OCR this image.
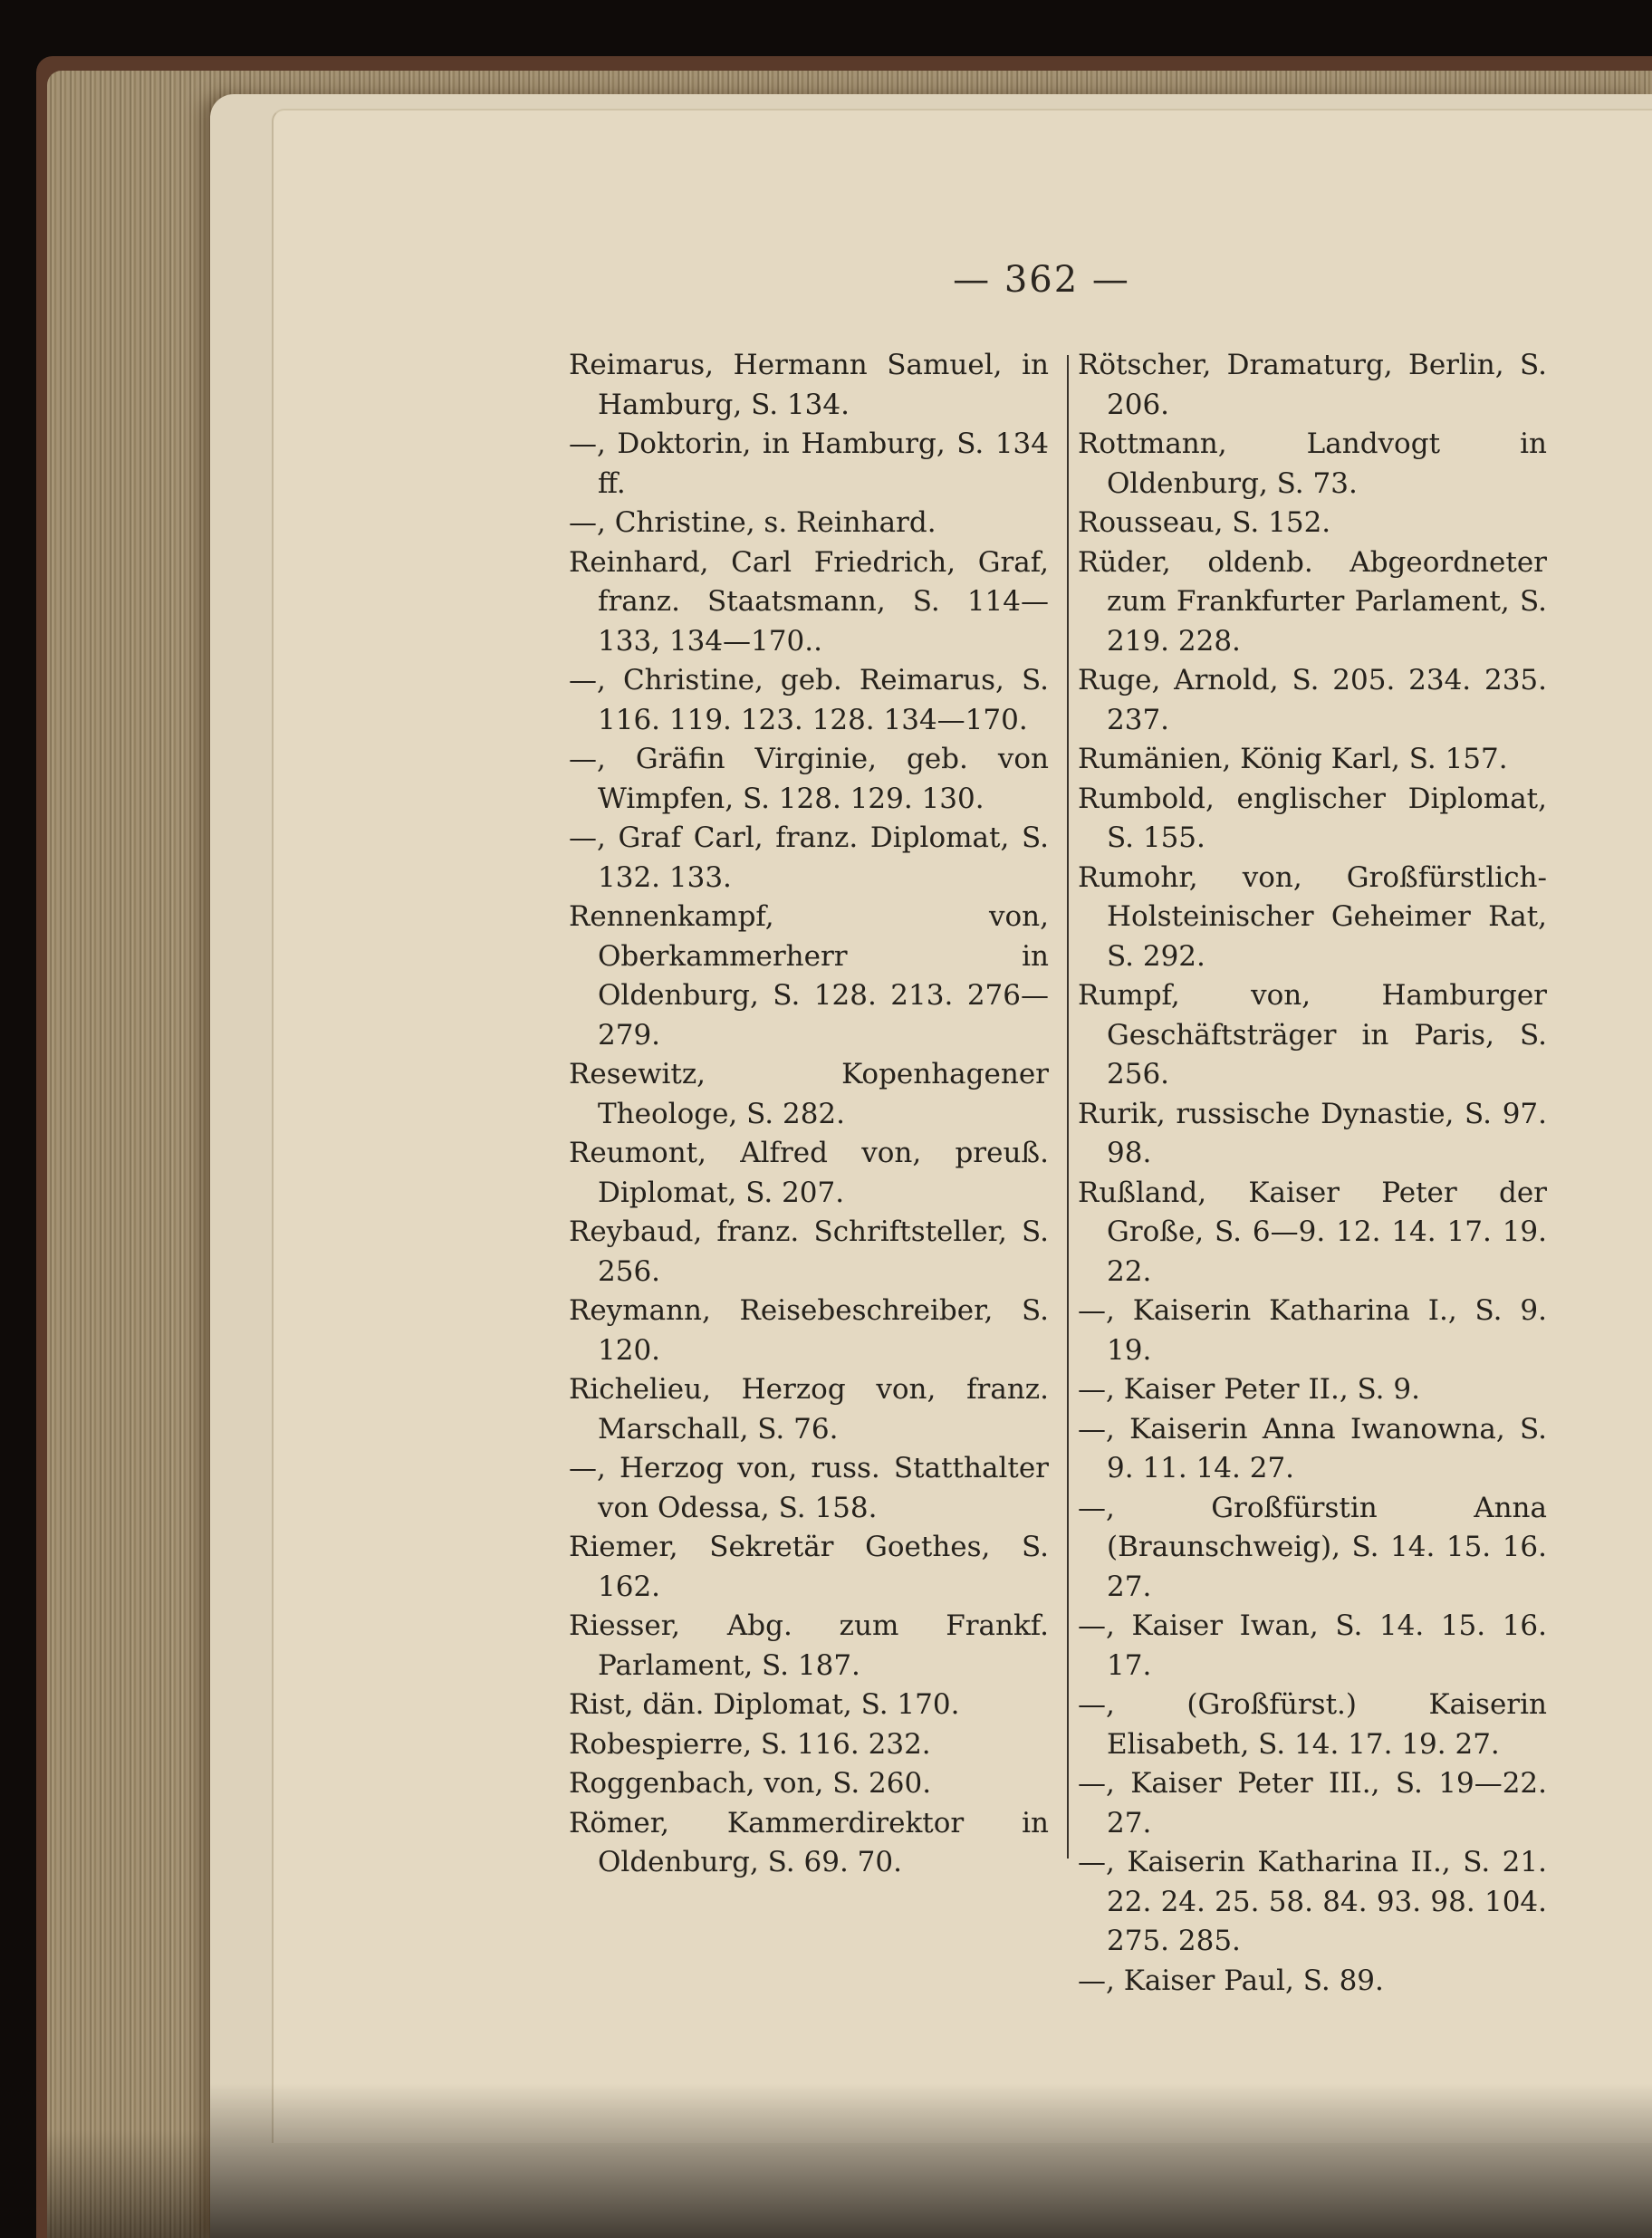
— 362 —

Reimarus, Hermann Samuel, in Hamburg, S. 134.

—, Doktorin, in Hamburg, S. 134 ff.

—, Christine, s. Reinhard.

Reinhard, Carl Friedrich, Graf, franz. Staatsmann, S. 114—133, 134—170..

—, Christine, geb. Reimarus, S. 116. 119. 123. 128. 134—170.

—, Gräfin Virginie, geb. von Wimpfen, S. 128. 129. 130.

—, Graf Carl, franz. Diplomat, S. 132. 133.

Rennenkampf, von, Oberkammerherr in Oldenburg, S. 128. 213. 276—279.

Resewitz, Kopenhagener Theologe, S. 282.

Reumont, Alfred von, preuß. Diplomat, S. 207.

Reybaud, franz. Schriftsteller, S. 256.

Reymann, Reisebeschreiber, S. 120.

Richelieu, Herzog von, franz. Marschall, S. 76.

—, Herzog von, russ. Statthalter von Odessa, S. 158.

Riemer, Sekretär Goethes, S. 162.

Riesser, Abg. zum Frankf. Parlament, S. 187.

Rist, dän. Diplomat, S. 170.

Robespierre, S. 116. 232.

Roggenbach, von, S. 260.

Römer, Kammerdirektor in Oldenburg, S. 69. 70.

Rötscher, Dramaturg, Berlin, S. 206.

Rottmann, Landvogt in Oldenburg, S. 73.

Rousseau, S. 152.

Rüder, oldenb. Abgeordneter zum Frankfurter Parlament, S. 219. 228.

Ruge, Arnold, S. 205. 234. 235. 237.

Rumänien, König Karl, S. 157.

Rumbold, englischer Diplomat, S. 155.

Rumohr, von, Großfürstlich-Holsteinischer Geheimer Rat, S. 292.

Rumpf, von, Hamburger Geschäftsträger in Paris, S. 256.

Rurik, russische Dynastie, S. 97. 98.

Rußland, Kaiser Peter der Große, S. 6—9. 12. 14. 17. 19. 22.

—, Kaiserin Katharina I., S. 9. 19.

—, Kaiser Peter II., S. 9.

—, Kaiserin Anna Iwanowna, S. 9. 11. 14. 27.

—, Großfürstin Anna (Braunschweig), S. 14. 15. 16. 27.

—, Kaiser Iwan, S. 14. 15. 16. 17.

—, (Großfürst.) Kaiserin Elisabeth, S. 14. 17. 19. 27.

—, Kaiser Peter III., S. 19—22. 27.

—, Kaiserin Katharina II., S. 21. 22. 24. 25. 58. 84. 93. 98. 104. 275. 285.

—, Kaiser Paul, S. 89.
